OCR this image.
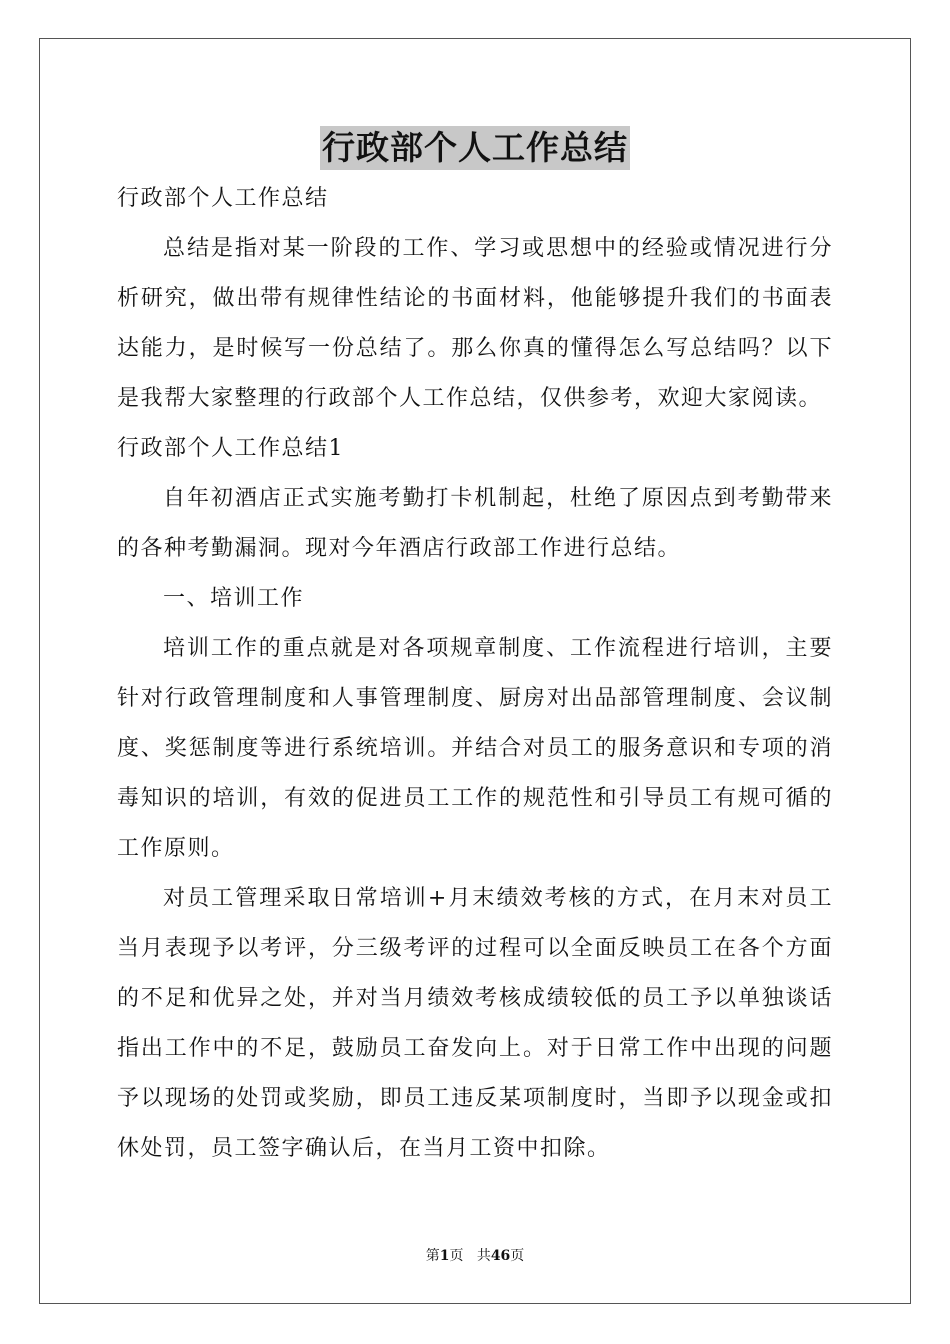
行政部个人工作总结

行政部个人工作总结

总结是指对某一阶段的工作、学习或思想中的经验或情况进行分析研究，做出带有规律性结论的书面材料，他能够提升我们的书面表达能力，是时候写一份总结了。那么你真的懂得怎么写总结吗？以下是我帮大家整理的行政部个人工作总结，仅供参考，欢迎大家阅读。

行政部个人工作总结1

自年初酒店正式实施考勤打卡机制起，杜绝了原因点到考勤带来的各种考勤漏洞。现对今年酒店行政部工作进行总结。

一、培训工作

培训工作的重点就是对各项规章制度、工作流程进行培训，主要针对行政管理制度和人事管理制度、厨房对出品部管理制度、会议制度、奖惩制度等进行系统培训。并结合对员工的服务意识和专项的消毒知识的培训，有效的促进员工工作的规范性和引导员工有规可循的工作原则。

对员工管理采取日常培训+月末绩效考核的方式，在月末对员工当月表现予以考评，分三级考评的过程可以全面反映员工在各个方面的不足和优异之处，并对当月绩效考核成绩较低的员工予以单独谈话指出工作中的不足，鼓励员工奋发向上。对于日常工作中出现的问题予以现场的处罚或奖励，即员工违反某项制度时，当即予以现金或扣休处罚，员工签字确认后，在当月工资中扣除。

第1页 共46页
